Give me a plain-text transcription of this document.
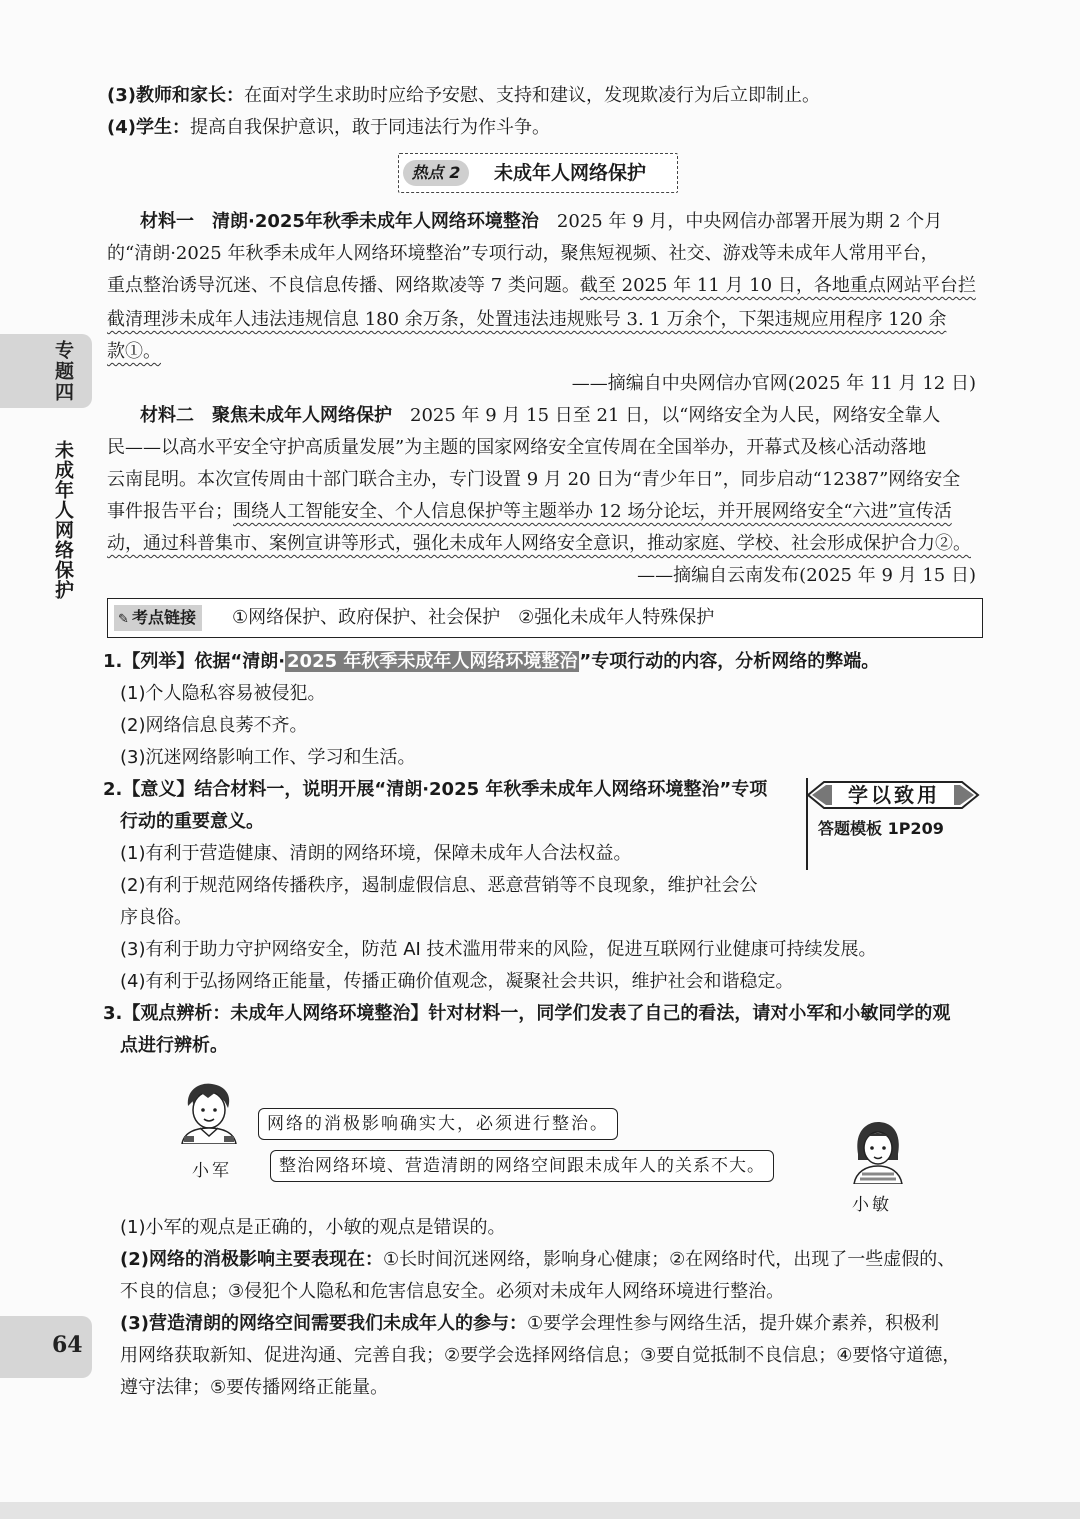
专题四
未成年人网络保护
64
(3)教师和家长：在面对学生求助时应给予安慰、支持和建议，发现欺凌行为后立即制止。
(4)学生：提高自我保护意识，敢于同违法行为作斗争。
热点 2	未成年人网络保护
材料一　清朗·2025年秋季未成年人网络环境整治　2025 年 9 月，中央网信办部署开展为期 2 个月
的“清朗·2025 年秋季未成年人网络环境整治”专项行动，聚焦短视频、社交、游戏等未成年人常用平台，
重点整治诱导沉迷、不良信息传播、网络欺凌等 7 类问题。截至 2025 年 11 月 10 日，各地重点网站平台拦
截清理涉未成年人违法违规信息 180 余万条，处置违法违规账号 3. 1 万余个，下架违规应用程序 120 余
款①。
——摘编自中央网信办官网(2025 年 11 月 12 日)
材料二　聚焦未成年人网络保护　2025 年 9 月 15 日至 21 日，以“网络安全为人民，网络安全靠人
民——以高水平安全守护高质量发展”为主题的国家网络安全宣传周在全国举办，开幕式及核心活动落地
云南昆明。本次宣传周由十部门联合主办，专门设置 9 月 20 日为“青少年日”，同步启动“12387”网络安全
事件报告平台；围绕人工智能安全、个人信息保护等主题举办 12 场分论坛，并开展网络安全“六进”宣传活
动，通过科普集市、案例宣讲等形式，强化未成年人网络安全意识，推动家庭、学校、社会形成保护合力②。
——摘编自云南发布(2025 年 9 月 15 日)
✎ 考点链接	①网络保护、政府保护、社会保护　 ②强化未成年人特殊保护
1.【列举】依据“清朗· 2025 年秋季未成年人网络环境整治 ”专项行动的内容，分析网络的弊端。
(1)个人隐私容易被侵犯。
(2)网络信息良莠不齐。
(3)沉迷网络影响工作、学习和生活。
2.【意义】结合材料一，说明开展“清朗·2025 年秋季未成年人网络环境整治”专项
行动的重要意义。
(1)有利于营造健康、清朗的网络环境，保障未成年人合法权益。
(2)有利于规范网络传播秩序，遏制虚假信息、恶意营销等不良现象，维护社会公
序良俗。
(3)有利于助力守护网络安全，防范 AI 技术滥用带来的风险，促进互联网行业健康可持续发展。
(4)有利于弘扬网络正能量，传播正确价值观念，凝聚社会共识，维护社会和谐稳定。
学以致用
答题模板 1P209
3.【观点辨析：未成年人网络环境整治】针对材料一，同学们发表了自己的看法，请对小军和小敏同学的观
点进行辨析。
小军
网络的消极影响确实大，必须进行整治。
小敏
整治网络环境、营造清朗的网络空间跟未成年人的关系不大。
(1)小军的观点是正确的，小敏的观点是错误的。
(2)网络的消极影响主要表现在：①长时间沉迷网络，影响身心健康；②在网络时代，出现了一些虚假的、
不良的信息；③侵犯个人隐私和危害信息安全。必须对未成年人网络环境进行整治。
(3)营造清朗的网络空间需要我们未成年人的参与：①要学会理性参与网络生活，提升媒介素养，积极利
用网络获取新知、促进沟通、完善自我；②要学会选择网络信息；③要自觉抵制不良信息；④要恪守道德，
遵守法律；⑤要传播网络正能量。
